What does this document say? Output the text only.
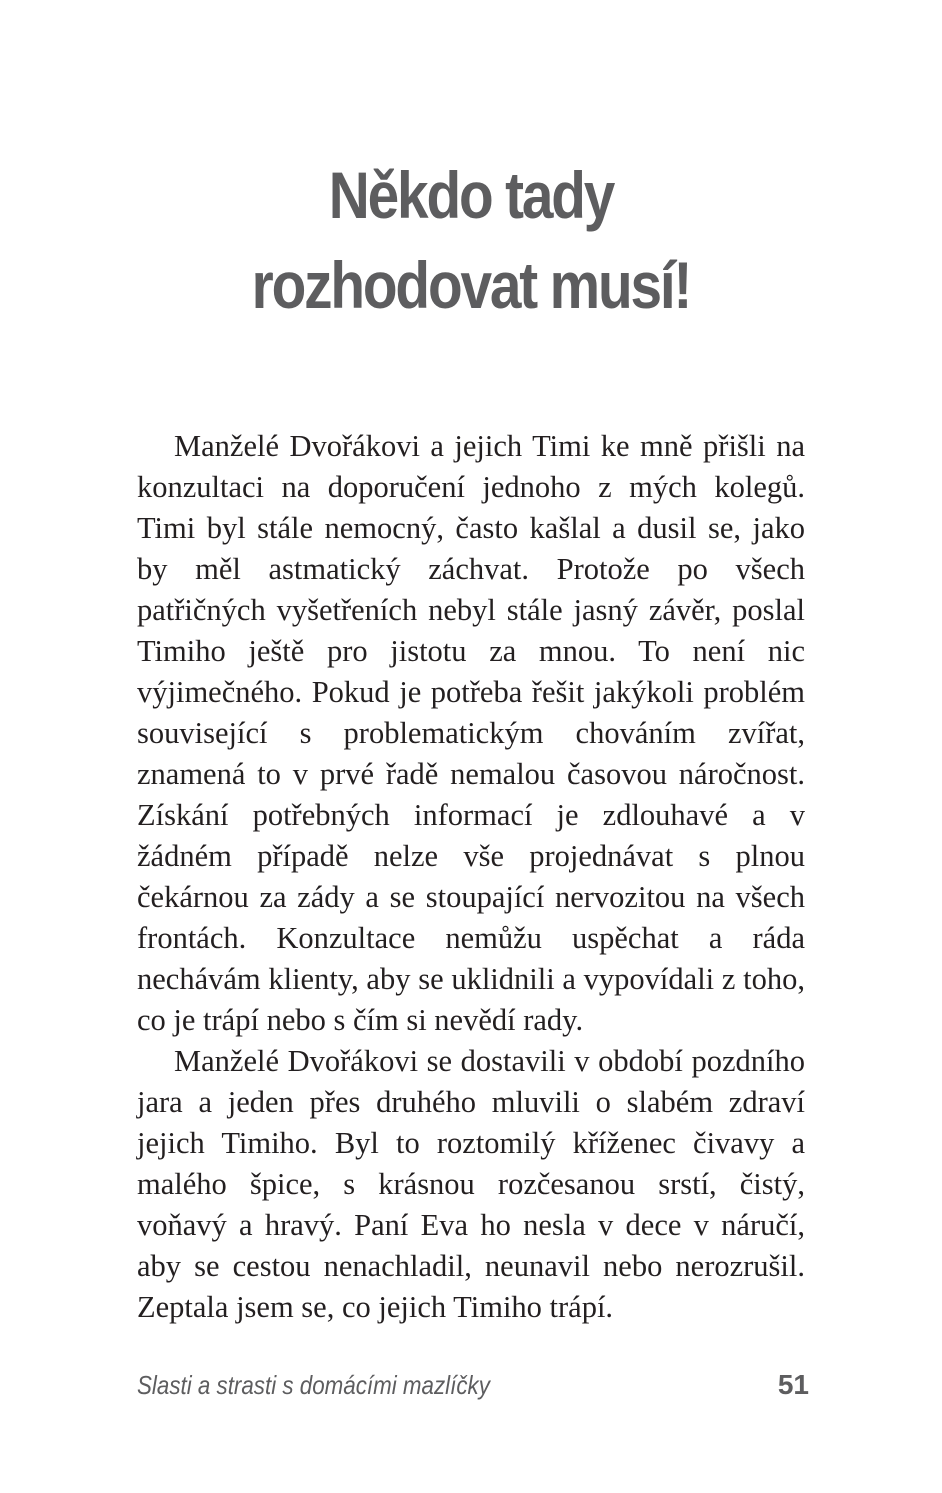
Někdo tady
rozhodovat musí!

Manželé Dvořákovi a jejich Timi ke mně přišli na konzultaci na doporučení jednoho z mých kolegů. Timi byl stále nemocný, často kašlal a dusil se, jako by měl astmatický záchvat. Protože po všech patřičných vyšetřeních nebyl stále jasný závěr, poslal Timiho ještě pro jistotu za mnou. To není nic výjimečného. Pokud je potřeba řešit jakýkoli problém související s problematickým chováním zvířat, znamená to v prvé řadě nemalou časovou náročnost. Získání potřebných informací je zdlouhavé a v žádném případě nelze vše projednávat s plnou čekárnou za zády a se stoupající nervozitou na všech frontách. Konzultace nemůžu uspěchat a ráda nechávám klienty, aby se uklidnili a vypovídali z toho, co je trápí nebo s čím si nevědí rady.

Manželé Dvořákovi se dostavili v období pozdního jara a jeden přes druhého mluvili o slabém zdraví jejich Timiho. Byl to roztomilý kříženec čivavy a malého špice, s krásnou rozčesanou srstí, čistý, voňavý a hravý. Paní Eva ho nesla v dece v náručí, aby se cestou nenachladil, neunavil nebo nerozrušil. Zeptala jsem se, co jejich Timiho trápí.

Slasti a strasti s domácími mazlíčky	51
